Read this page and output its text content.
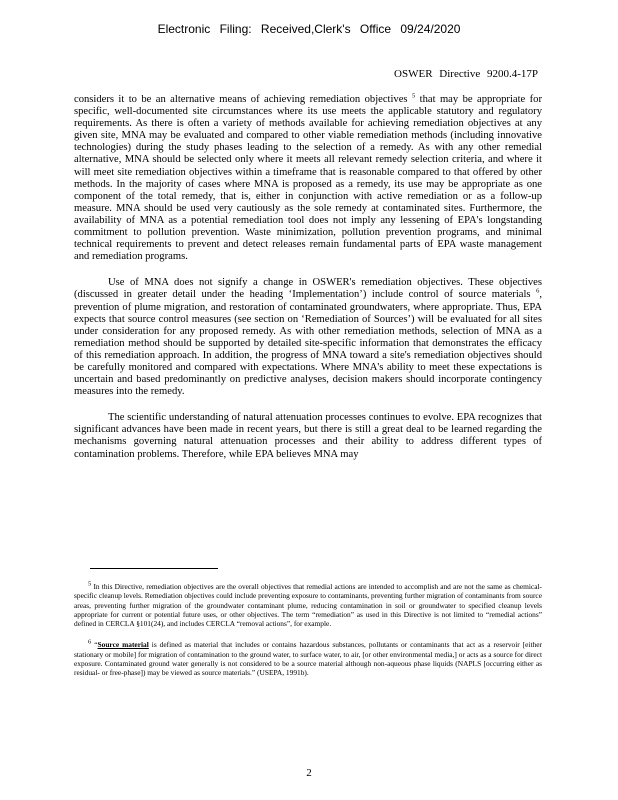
Electronic Filing: Received,Clerk's Office 09/24/2020
OSWER Directive 9200.4-17P

considers it to be an alternative means of achieving remediation objectives $^5$ that may be appropriate for specific, well-documented site circumstances where its use meets the applicable statutory and regulatory requirements. As there is often a variety of methods available for achieving remediation objectives at any given site, MNA may be evaluated and compared to other viable remediation methods (including innovative technologies) during the study phases leading to the selection of a remedy. As with any other remedial alternative, MNA should be selected only where it meets all relevant remedy selection criteria, and where it will meet site remediation objectives within a timeframe that is reasonable compared to that offered by other methods. In the majority of cases where MNA is proposed as a remedy, its use may be appropriate as one component of the total remedy, that is, either in conjunction with active remediation or as a follow-up measure. MNA should be used very cautiously as the sole remedy at contaminated sites. Furthermore, the availability of MNA as a potential remediation tool does not imply any lessening of EPA's longstanding commitment to pollution prevention. Waste minimization, pollution prevention programs, and minimal technical requirements to prevent and detect releases remain fundamental parts of EPA waste management and remediation programs.

Use of MNA does not signify a change in OSWER's remediation objectives. These objectives (discussed in greater detail under the heading ‘Implementation’) include control of source materials $^6$, prevention of plume migration, and restoration of contaminated groundwaters, where appropriate. Thus, EPA expects that source control measures (see section on ‘Remediation of Sources’) will be evaluated for all sites under consideration for any proposed remedy. As with other remediation methods, selection of MNA as a remediation method should be supported by detailed site-specific information that demonstrates the efficacy of this remediation approach. In addition, the progress of MNA toward a site's remediation objectives should be carefully monitored and compared with expectations. Where MNA's ability to meet these expectations is uncertain and based predominantly on predictive analyses, decision makers should incorporate contingency measures into the remedy.

The scientific understanding of natural attenuation processes continues to evolve. EPA recognizes that significant advances have been made in recent years, but there is still a great deal to be learned regarding the mechanisms governing natural attenuation processes and their ability to address different types of contamination problems. Therefore, while EPA believes MNA may

$^5$ In this Directive, remediation objectives are the overall objectives that remedial actions are intended to accomplish and are not the same as chemical-specific cleanup levels. Remediation objectives could include preventing exposure to contaminants, preventing further migration of contaminants from source areas, preventing further migration of the groundwater contaminant plume, reducing contamination in soil or groundwater to specified cleanup levels appropriate for current or potential future uses, or other objectives. The term “remediation” as used in this Directive is not limited to “remedial actions” defined in CERCLA §101(24), and includes CERCLA “removal actions”, for example.

$^6$ “Source material is defined as material that includes or contains hazardous substances, pollutants or contaminants that act as a reservoir [either stationary or mobile] for migration of contamination to the ground water, to surface water, to air, [or other environmental media,] or acts as a source for direct exposure. Contaminated ground water generally is not considered to be a source material although non-aqueous phase liquids (NAPLS [occurring either as residual- or free-phase]) may be viewed as source materials.” (USEPA, 1991b).

2
